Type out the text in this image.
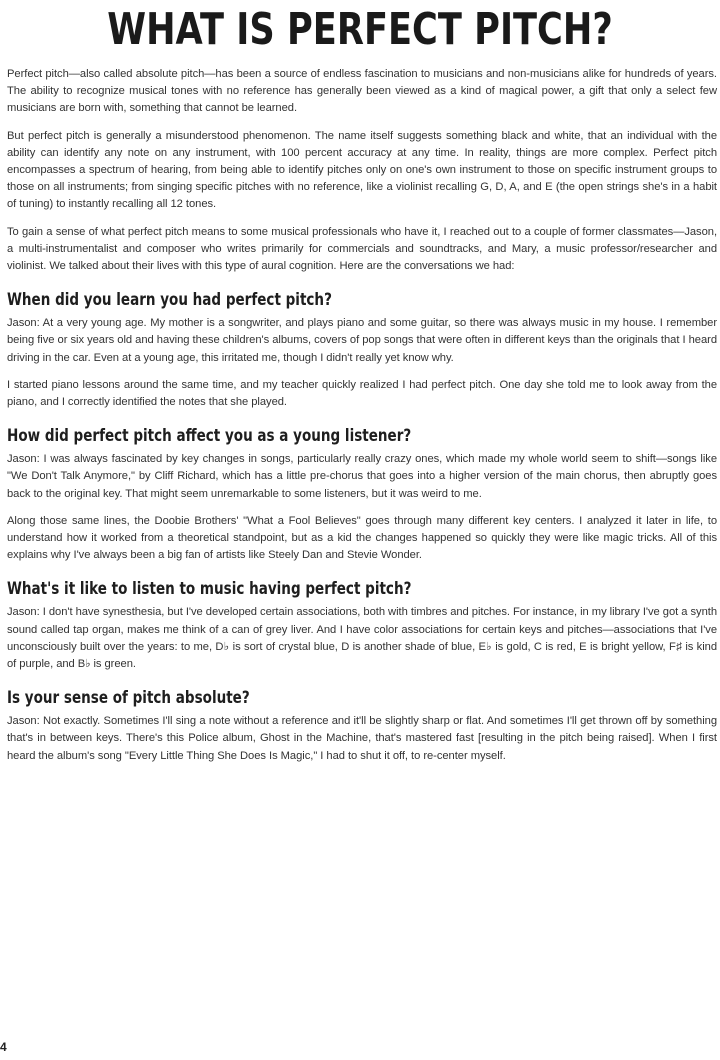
WHAT IS PERFECT PITCH?

Perfect pitch—also called absolute pitch—has been a source of endless fascination to musicians and non-musicians alike for hundreds of years. The ability to recognize musical tones with no reference has generally been viewed as a kind of magical power, a gift that only a select few musicians are born with, something that cannot be learned.

But perfect pitch is generally a misunderstood phenomenon. The name itself suggests something black and white, that an individual with the ability can identify any note on any instrument, with 100 percent accuracy at any time. In reality, things are more complex. Perfect pitch encompasses a spectrum of hearing, from being able to identify pitches only on one's own instrument to those on specific instrument groups to those on all instruments; from singing specific pitches with no reference, like a violinist recalling G, D, A, and E (the open strings she's in a habit of tuning) to instantly recalling all 12 tones.

To gain a sense of what perfect pitch means to some musical professionals who have it, I reached out to a couple of former classmates—Jason, a multi-instrumentalist and composer who writes primarily for commercials and soundtracks, and Mary, a music professor/researcher and violinist. We talked about their lives with this type of aural cognition. Here are the conversations we had:

When did you learn you had perfect pitch?

Jason: At a very young age. My mother is a songwriter, and plays piano and some guitar, so there was always music in my house. I remember being five or six years old and having these children's albums, covers of pop songs that were often in different keys than the originals that I heard driving in the car. Even at a young age, this irritated me, though I didn't really yet know why.

I started piano lessons around the same time, and my teacher quickly realized I had perfect pitch. One day she told me to look away from the piano, and I correctly identified the notes that she played.

How did perfect pitch affect you as a young listener?

Jason: I was always fascinated by key changes in songs, particularly really crazy ones, which made my whole world seem to shift—songs like "We Don't Talk Anymore," by Cliff Richard, which has a little pre-chorus that goes into a higher version of the main chorus, then abruptly goes back to the original key. That might seem unremarkable to some listeners, but it was weird to me.

Along those same lines, the Doobie Brothers' "What a Fool Believes" goes through many different key centers. I analyzed it later in life, to understand how it worked from a theoretical standpoint, but as a kid the changes happened so quickly they were like magic tricks. All of this explains why I've always been a big fan of artists like Steely Dan and Stevie Wonder.

What's it like to listen to music having perfect pitch?

Jason: I don't have synesthesia, but I've developed certain associations, both with timbres and pitches. For instance, in my library I've got a synth sound called tap organ, makes me think of a can of grey liver. And I have color associations for certain keys and pitches—associations that I've unconsciously built over the years: to me, D♭ is sort of crystal blue, D is another shade of blue, E♭ is gold, C is red, E is bright yellow, F♯ is kind of purple, and B♭ is green.

Is your sense of pitch absolute?

Jason: Not exactly. Sometimes I'll sing a note without a reference and it'll be slightly sharp or flat. And sometimes I'll get thrown off by something that's in between keys. There's this Police album, Ghost in the Machine, that's mastered fast [resulting in the pitch being raised]. When I first heard the album's song "Every Little Thing She Does Is Magic," I had to shut it off, to re-center myself.

4
